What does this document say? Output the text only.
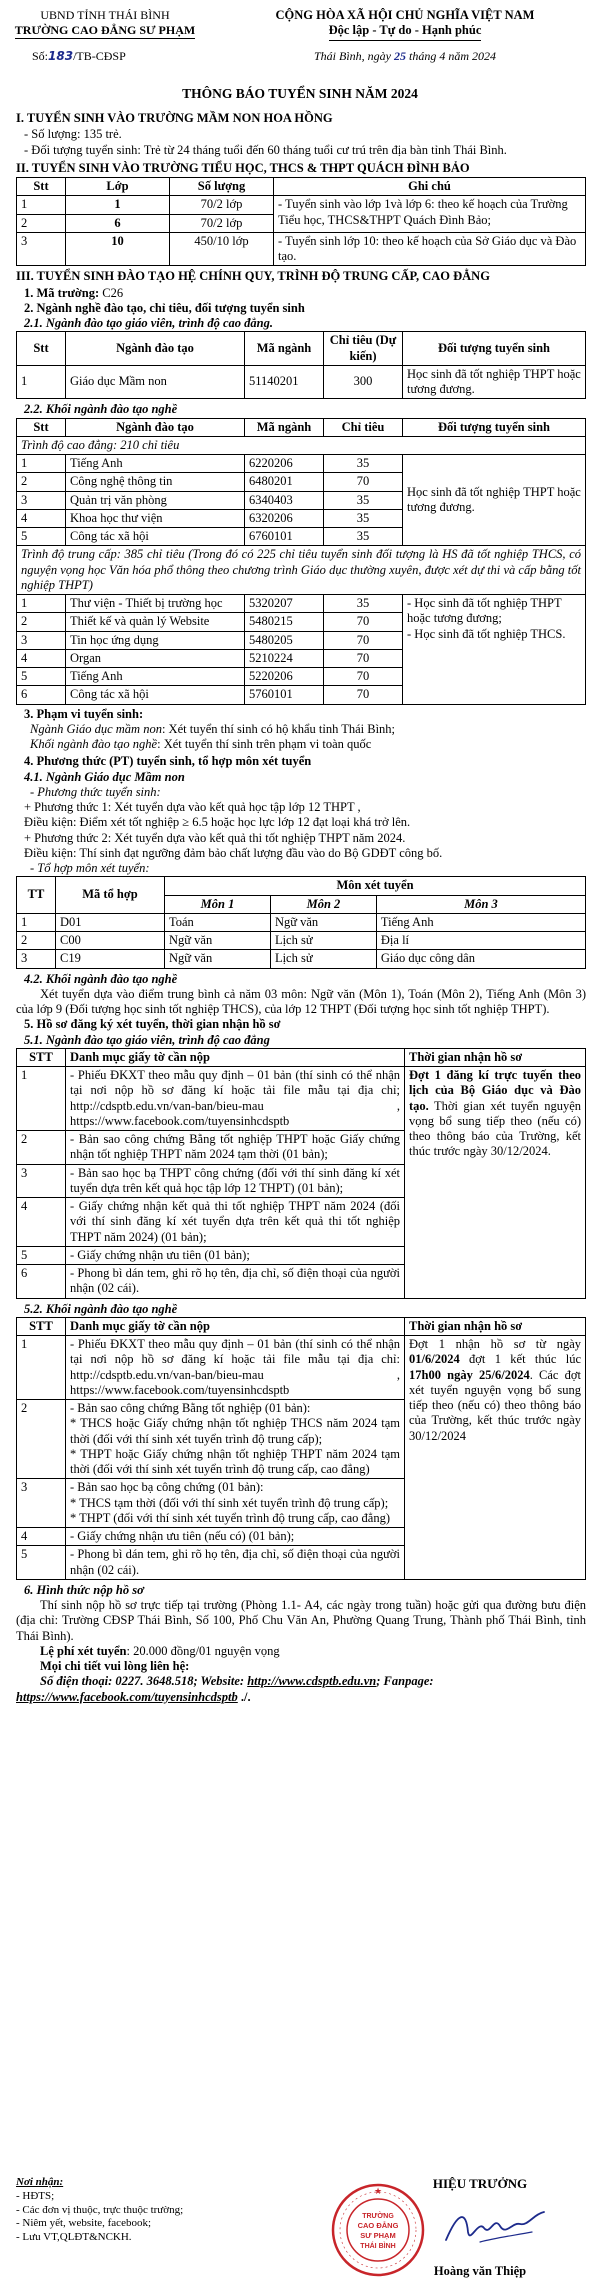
UBND TỈNH THÁI BÌNH
TRƯỜNG CAO ĐẲNG SƯ PHẠM
Số:183/TB-CĐSP
CỘNG HÒA XÃ HỘI CHỦ NGHĨA VIỆT NAM
Độc lập - Tự do - Hạnh phúc
Thái Bình, ngày 25 tháng 4 năm 2024
THÔNG BÁO TUYỂN SINH NĂM 2024
I. TUYỂN SINH VÀO TRƯỜNG MẦM NON HOA HỒNG

- Số lượng: 135 trẻ.

- Đối tượng tuyển sinh: Trẻ từ 24 tháng tuổi đến 60 tháng tuổi cư trú trên địa bàn tỉnh Thái Bình.

II. TUYỂN SINH VÀO TRƯỜNG TIỂU HỌC, THCS & THPT QUÁCH ĐÌNH BẢO
Stt	Lớp	Số lượng	Ghi chú
1	1	70/2 lớp	- Tuyển sinh vào lớp 1và lớp 6: theo kế hoạch của Trường Tiểu học, THCS&THPT Quách Đình Bảo;
2	6	70/2 lớp	
3	10	450/10 lớp	- Tuyển sinh lớp 10: theo kế hoạch của Sở Giáo dục và Đào tạo.
III. TUYỂN SINH ĐÀO TẠO HỆ CHÍNH QUY, TRÌNH ĐỘ TRUNG CẤP, CAO ĐẲNG

1. Mã trường: C26

2. Ngành nghề đào tạo, chỉ tiêu, đối tượng tuyển sinh

2.1. Ngành đào tạo giáo viên, trình độ cao đẳng.

Stt	Ngành đào tạo	Mã ngành	Chỉ tiêu (Dự kiến)	Đối tượng tuyển sinh
1	Giáo dục Mầm non	51140201	300	Học sinh đã tốt nghiệp THPT hoặc tương đương.

2.2. Khối ngành đào tạo nghề

Stt	Ngành đào tạo	Mã ngành	Chỉ tiêu	Đối tượng tuyển sinh
Trình độ cao đẳng: 210 chỉ tiêu				
1	Tiếng Anh	6220206	35	Học sinh đã tốt nghiệp THPT hoặc tương đương.
2	Công nghệ thông tin	6480201	70	
3	Quản trị văn phòng	6340403	35	
4	Khoa học thư viện	6320206	35	
5	Công tác xã hội	6760101	35	
Trình độ trung cấp: 385 chỉ tiêu (Trong đó có 225 chỉ tiêu tuyển sinh đối tượng là HS đã tốt nghiệp THCS, có nguyện vọng học Văn hóa phổ thông theo chương trình Giáo dục thường xuyên, được xét dự thi và cấp bằng tốt nghiệp THPT)				
1	Thư viện - Thiết bị trường học	5320207	35	- Học sinh đã tốt nghiệp THPT hoặc tương đương;
- Học sinh đã tốt nghiệp THCS.

2	Thiết kế và quản lý Website	5480215	70	
3	Tin học ứng dụng	5480205	70	
4	Organ	5210224	70	
5	Tiếng Anh	5220206	70	
6	Công tác xã hội	5760101	70	

3. Phạm vi tuyển sinh:

Ngành Giáo dục mầm non: Xét tuyển thí sinh có hộ khẩu tỉnh Thái Bình;

Khối ngành đào tạo nghề: Xét tuyển thí sinh trên phạm vi toàn quốc

4. Phương thức (PT) tuyển sinh, tổ hợp môn xét tuyển

4.1. Ngành Giáo dục Mầm non

- Phương thức tuyển sinh:

+ Phương thức 1: Xét tuyển dựa vào kết quả học tập lớp 12 THPT ,

Điều kiện: Điểm xét tốt nghiệp ≥ 6.5 hoặc học lực lớp 12 đạt loại khá trở lên.

+ Phương thức 2: Xét tuyển dựa vào kết quả thi tốt nghiệp THPT năm 2024.

Điều kiện: Thí sinh đạt ngưỡng đảm bảo chất lượng đầu vào do Bộ GDĐT công bố.

- Tổ hợp môn xét tuyển:

TT	Mã tổ hợp	Môn xét tuyển		
		Môn 1	Môn 2	Môn 3
1	D01	Toán	Ngữ văn	Tiếng Anh
2	C00	Ngữ văn	Lịch sử	Địa lí
3	C19	Ngữ văn	Lịch sử	Giáo dục công dân

4.2. Khối ngành đào tạo nghề

Xét tuyển dựa vào điểm trung bình cả năm 03 môn: Ngữ văn (Môn 1), Toán (Môn 2), Tiếng Anh (Môn 3) của lớp 9 (Đối tượng học sinh tốt nghiệp THCS), của lớp 12 THPT (Đối tượng học sinh tốt nghiệp THPT).

5. Hồ sơ đăng ký xét tuyển, thời gian nhận hồ sơ

5.1. Ngành đào tạo giáo viên, trình độ cao đẳng

STT	Danh mục giấy tờ cần nộp	Thời gian nhận hồ sơ
1	- Phiếu ĐKXT theo mẫu quy định – 01 bản (thí sinh có thể nhận tại nơi nộp hồ sơ đăng kí hoặc tải file mẫu tại địa chỉ; http://cdsptb.edu.vn/van-ban/bieu-mau , https://www.facebook.com/tuyensinhcdsptb	Đợt 1 đăng kí trực tuyến theo lịch của Bộ Giáo dục và Đào tạo. Thời gian xét tuyển nguyện vọng bổ sung tiếp theo (nếu có) theo thông báo của Trường, kết thúc trước ngày 30/12/2024.
2	- Bản sao công chứng Bằng tốt nghiệp THPT hoặc Giấy chứng nhận tốt nghiệp THPT năm 2024 tạm thời (01 bản);	
3	- Bản sao học bạ THPT công chứng (đối với thí sinh đăng kí xét tuyển dựa trên kết quả học tập lớp 12 THPT) (01 bản);	
4	- Giấy chứng nhận kết quả thi tốt nghiệp THPT năm 2024 (đối với thí sinh đăng kí xét tuyển dựa trên kết quả thi tốt nghiệp THPT năm 2024) (01 bản);	
5	- Giấy chứng nhận ưu tiên (01 bản);	
6	- Phong bì dán tem, ghi rõ họ tên, địa chỉ, số điện thoại của người nhận (02 cái).	

5.2. Khối ngành đào tạo nghề

STT	Danh mục giấy tờ cần nộp	Thời gian nhận hồ sơ
1	- Phiếu ĐKXT theo mẫu quy định – 01 bản (thí sinh có thể nhận tại nơi nộp hồ sơ đăng kí hoặc tải file mẫu tại địa chỉ: http://cdsptb.edu.vn/van-ban/bieu-mau , https://www.facebook.com/tuyensinhcdsptb	Đợt 1 nhận hồ sơ từ ngày 01/6/2024 đợt 1 kết thúc lúc 17h00 ngày 25/6/2024. Các đợt xét tuyển nguyện vọng bổ sung tiếp theo (nếu có) theo thông báo của Trường, kết thúc trước ngày 30/12/2024
2	- Bản sao công chứng Bằng tốt nghiệp (01 bản):
* THCS hoặc Giấy chứng nhận tốt nghiệp THCS năm 2024 tạm thời (đối với thí sinh xét tuyển trình độ trung cấp);
* THPT hoặc Giấy chứng nhận tốt nghiệp THPT năm 2024 tạm thời (đối với thí sinh xét tuyển trình độ trung cấp, cao đẳng)	
3	- Bản sao học bạ công chứng (01 bản):
* THCS tạm thời (đối với thí sinh xét tuyển trình độ trung cấp);
* THPT (đối với thí sinh xét tuyển trình độ trung cấp, cao đẳng)	
4	- Giấy chứng nhận ưu tiên (nếu có) (01 bản);	
5	- Phong bì dán tem, ghi rõ họ tên, địa chỉ, số điện thoại của người nhận (02 cái).	

6. Hình thức nộp hồ sơ

Thí sinh nộp hồ sơ trực tiếp tại trường (Phòng 1.1- A4, các ngày trong tuần) hoặc gửi qua đường bưu điện (địa chỉ: Trường CĐSP Thái Bình, Số 100, Phố Chu Văn An, Phường Quang Trung, Thành phố Thái Bình, tỉnh Thái Bình).

Lệ phí xét tuyển: 20.000 đồng/01 nguyện vọng

Mọi chi tiết vui lòng liên hệ:

Số điện thoại: 0227. 3648.518; Website: http://www.cdsptb.edu.vn; Fanpage:

https://www.facebook.com/tuyensinhcdsptb ./.

Nơi nhận:
- HĐTS;
- Các đơn vị thuộc, trực thuộc trường;
- Niêm yết, website, facebook;
- Lưu VT,QLĐT&NCKH.
TRƯỜNG
CAO ĐẲNG
SƯ PHẠM
THÁI BÌNH
★	HIỆU TRƯỞNG
Hoàng văn Thiệp
